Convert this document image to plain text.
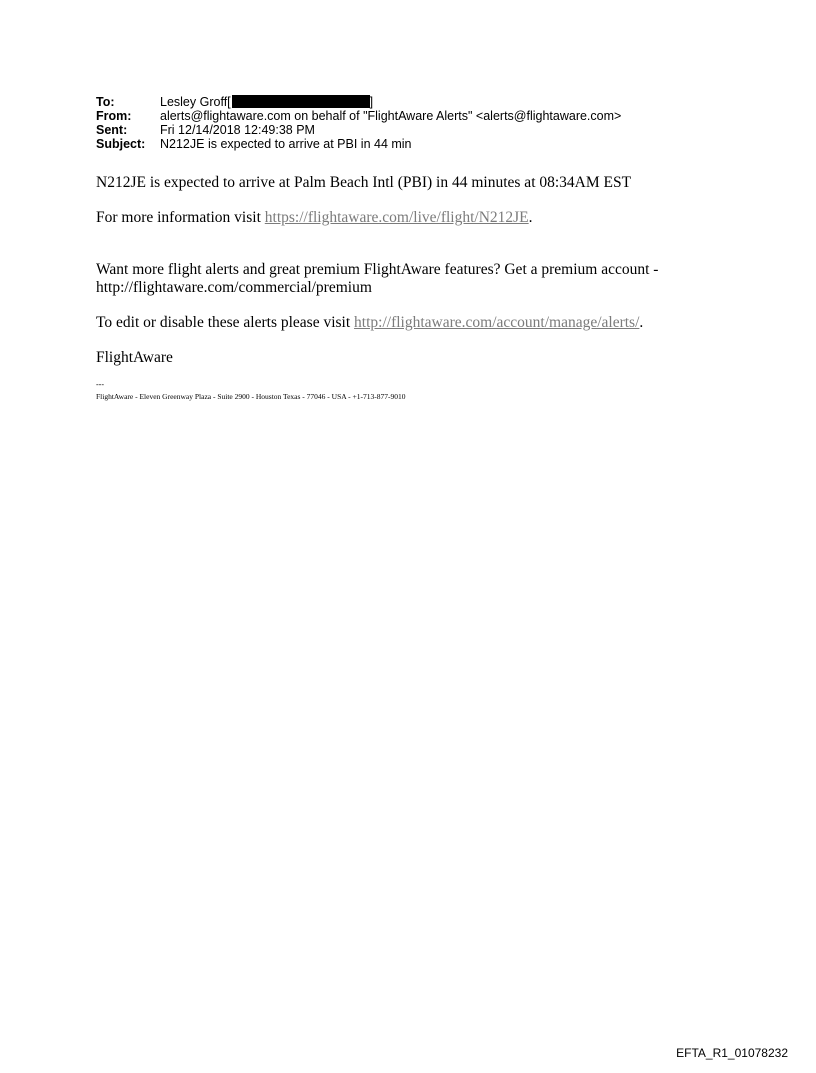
To:	Lesley Groff[	]
From:	alerts@flightaware.com on behalf of "FlightAware Alerts" <alerts@flightaware.com>
Sent:	Fri 12/14/2018 12:49:38 PM
Subject:	N212JE is expected to arrive at PBI in 44 min

N212JE is expected to arrive at Palm Beach Intl (PBI) in 44 minutes at 08:34AM EST

For more information visit https://flightaware.com/live/flight/N212JE.

Want more flight alerts and great premium FlightAware features? Get a premium account -
http://flightaware.com/commercial/premium

To edit or disable these alerts please visit http://flightaware.com/account/manage/alerts/.

FlightAware

---
FlightAware - Eleven Greenway Plaza - Suite 2900 - Houston Texas - 77046 - USA - +1-713-877-9010
EFTA_R1_01078232
